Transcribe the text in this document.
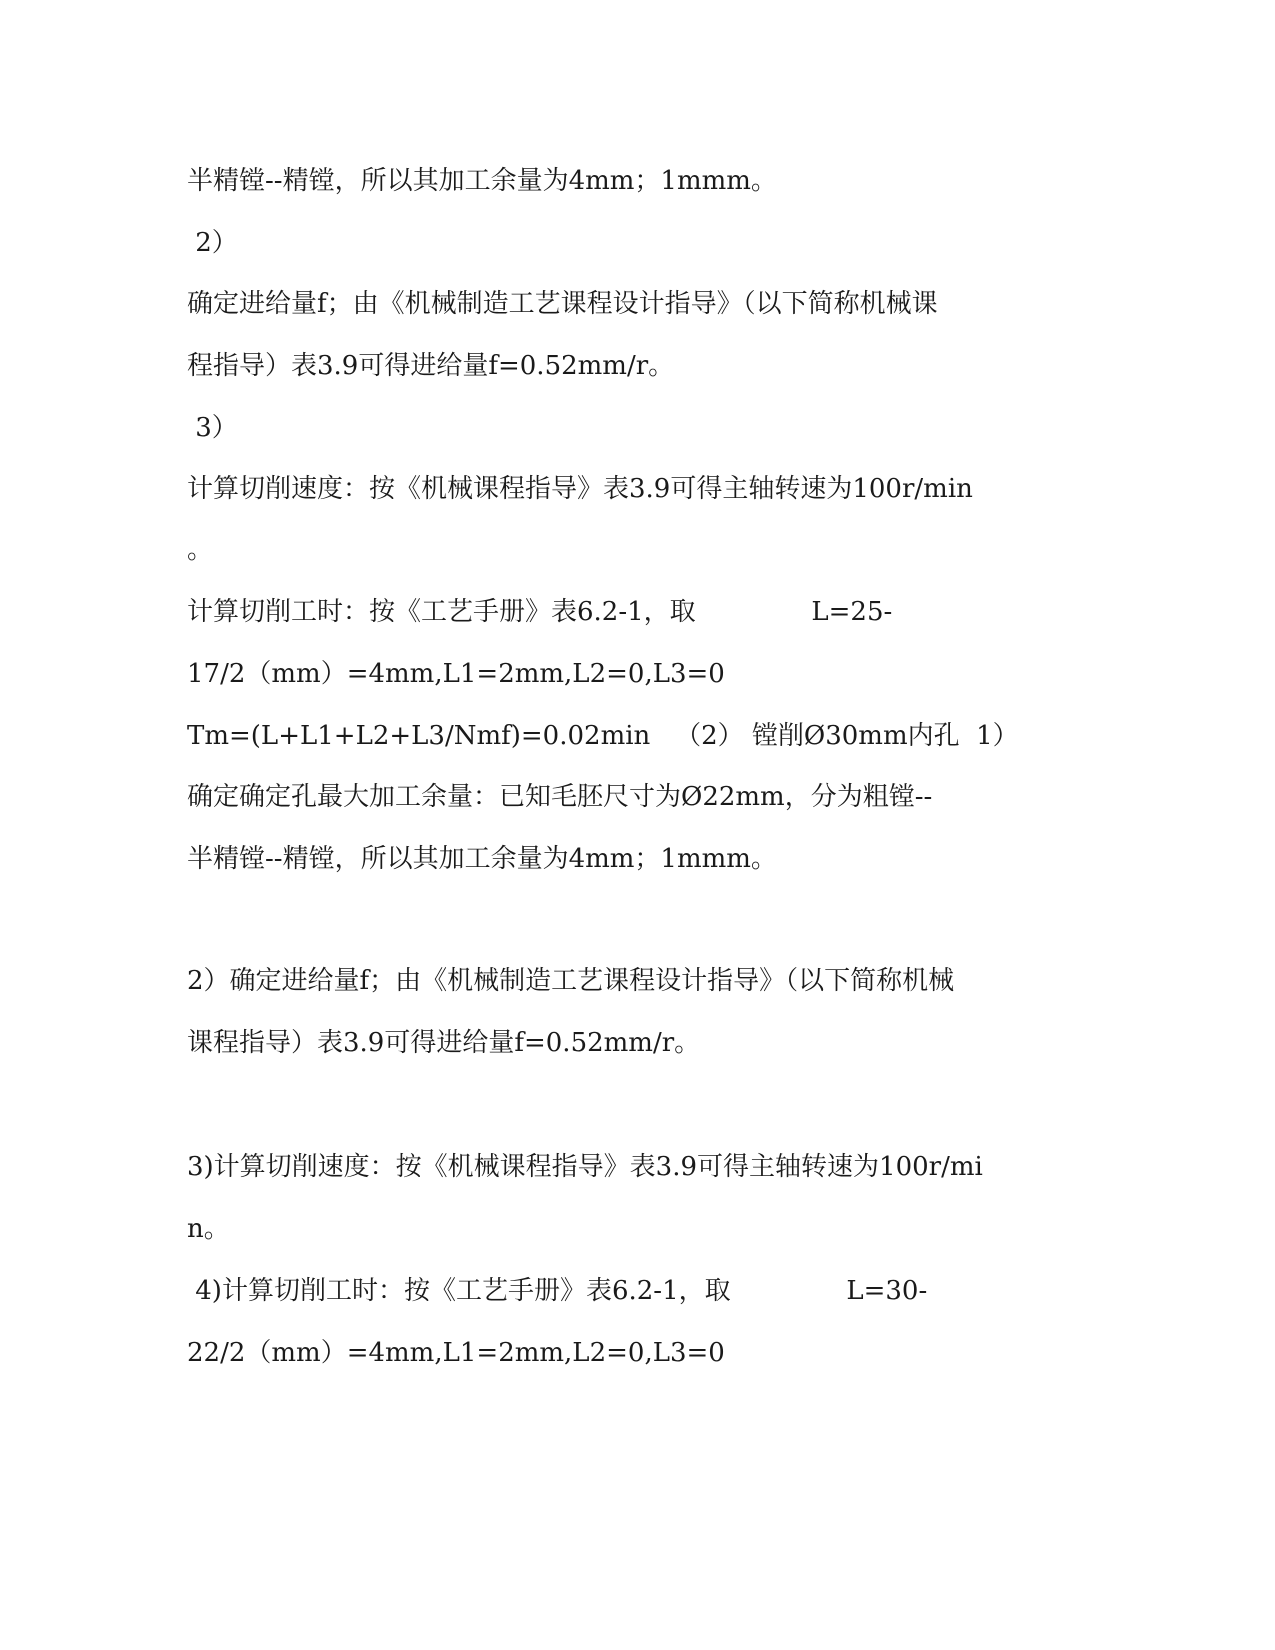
半精镗--精镗，所以其加工余量为4mm；1mmm。

2）

确定进给量f；由《机械制造工艺课程设计指导》（以下简称机械课

程指导）表3.9可得进给量f=0.52mm/r。

3）

计算切削速度：按《机械课程指导》表3.9可得主轴转速为100r/min

。

计算切削工时：按《工艺手册》表6.2-1，取              L=25-

17/2（mm）=4mm,L1=2mm,L2=0,L3=0

Tm=(L+L1+L2+L3/Nmf)=0.02min   （2） 镗削Ø30mm内孔  1）

确定确定孔最大加工余量：已知毛胚尺寸为Ø22mm，分为粗镗--

半精镗--精镗，所以其加工余量为4mm；1mmm。

2）确定进给量f；由《机械制造工艺课程设计指导》（以下简称机械

课程指导）表3.9可得进给量f=0.52mm/r。

3)计算切削速度：按《机械课程指导》表3.9可得主轴转速为100r/mi

n。

4)计算切削工时：按《工艺手册》表6.2-1，取              L=30-

22/2（mm）=4mm,L1=2mm,L2=0,L3=0
